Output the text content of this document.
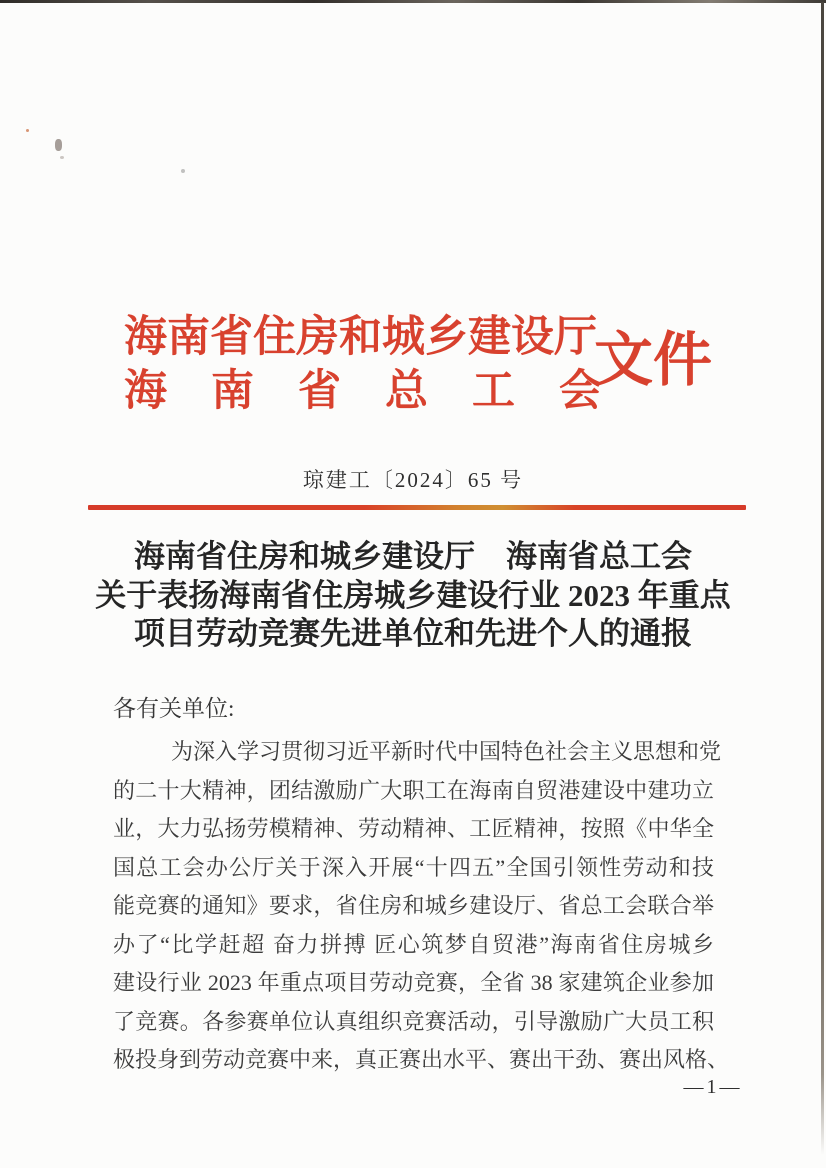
海南省住房和城乡建设厅
海 南 省 总 工 会
文件
琼建工〔2024〕65 号
海南省住房和城乡建设厅　海南省总工会
关于表扬海南省住房城乡建设行业 2023 年重点
项目劳动竞赛先进单位和先进个人的通报
各有关单位:
为深入学习贯彻习近平新时代中国特色社会主义思想和党
的二十大精神，团结激励广大职工在海南自贸港建设中建功立
业，大力弘扬劳模精神、劳动精神、工匠精神，按照《中华全
国总工会办公厅关于深入开展“十四五”全国引领性劳动和技
能竞赛的通知》要求，省住房和城乡建设厅、省总工会联合举
办了“比学赶超 奋力拼搏 匠心筑梦自贸港”海南省住房城乡
建设行业 2023 年重点项目劳动竞赛，全省 38 家建筑企业参加
了竞赛。各参赛单位认真组织竞赛活动，引导激励广大员工积
极投身到劳动竞赛中来，真正赛出水平、赛出干劲、赛出风格、
—1—
